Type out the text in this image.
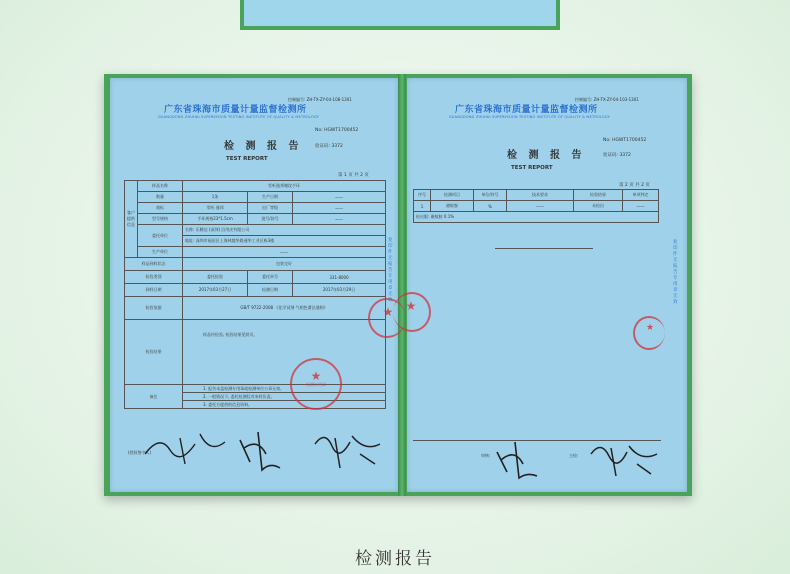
控制编号: ZH-TX-ZY-04-108-1301
广东省珠海市质量计量监督检测所
GUANGDONG ZHUHAI SUPERVISION TESTING INSTITUTE OF QUALITY & METROLOGY
No: HGWT1700452
检 测 报 告	验证码: 3372
TEST REPORT
第 1 页 共 2 页
客户提供信息	样品名称	零听逸邦谢纹手环		
	数量	1条	生产日期	——
	商标	零听 逸邦	出厂等级	——
	型号规格	手环规格23*1.5cm	批号/款号	——
	委托单位	名称: 乐腾达 (深圳) 沿用皮有限公司		
		地址: 深圳市福田区上海林越华路通华工业区栋3楼		
	生产单位	——		
样品到样状态		包装完好		
检验类别		委托检验	委托单号	331-8000
到样日期		2017年03月27日	检测日期	2017年03月29日
检验依据		GB/T 9722-2008 《化学试剂 气相色谱法通则》		
检验结果		样品经检验, 检验结果见续页。		
备注		1. 报告未盖检测专用章或检测单位公章无效。		
		2. 一般情况下, 委托检测仅对来样负责。		
		3. 委托方提供的信息资料。		
★
检测专用章
★
复印件无报告专用章无效
(授权签字人)
控制编号: ZH-TX-ZY-04-103-1301
广东省珠海市质量计量监督检测所
GUANGDONG ZHUHAI SUPERVISION TESTING INSTITUTE OF QUALITY & METROLOGY
No: HGWT1700452
检 测 报 告	验证码: 3372
TEST REPORT
第 2 页 共 2 页
序号	检测项目	单位/符号	技术要求	检验结果	单项判定
1	避蚊胺	%	——	未检出	——
检出限: 避蚊胺 0.1%					
★
★
复印件无报告专用章无效
审核:	主检:
检测报告
